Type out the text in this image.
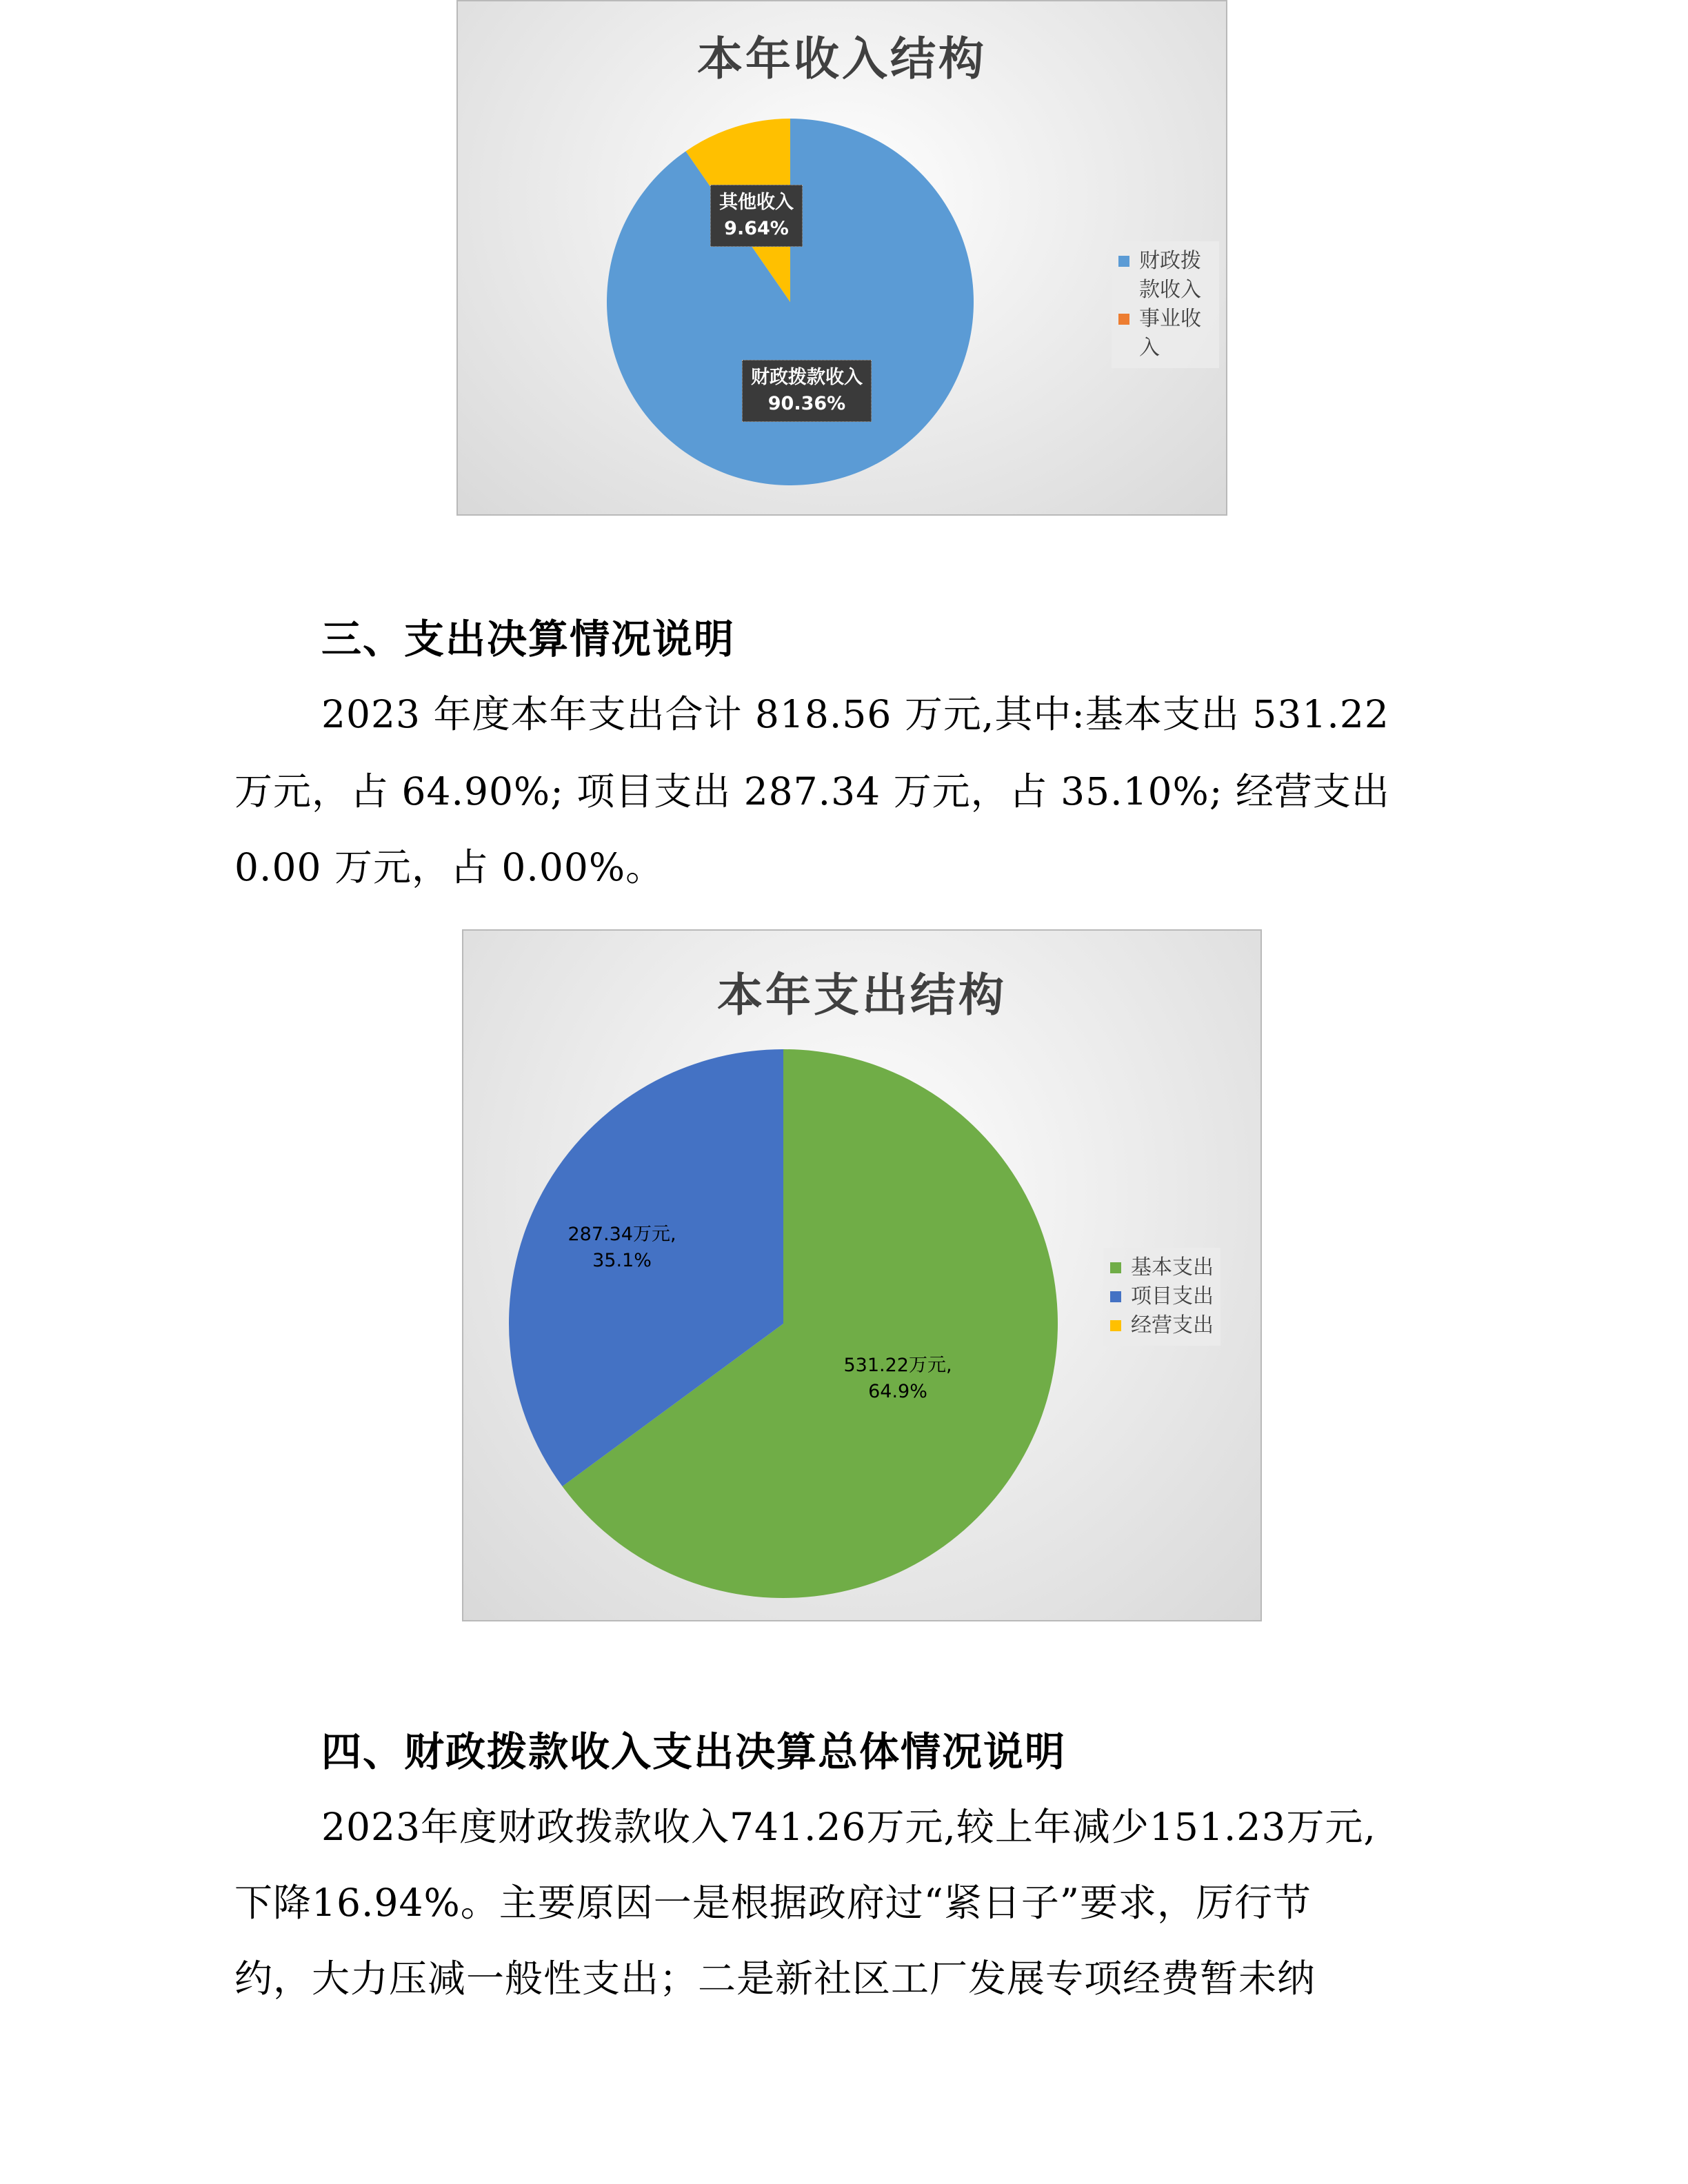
本年收入结构
其他收入
9.64%
财政拨款收入
90.36%
财政拨款收入
事业收入
三、支出决算情况说明
2023 年度本年支出合计 818.56 万元,其中:基本支出 531.22
万元，占 64.90%; 项目支出 287.34 万元，占 35.10%; 经营支出
0.00 万元，占 0.00%。
本年支出结构
287.34万元,
35.1%
531.22万元,
64.9%
基本支出
项目支出
经营支出
四、财政拨款收入支出决算总体情况说明
2023年度财政拨款收入741.26万元,较上年减少151.23万元,
下降16.94%。主要原因一是根据政府过“紧日子”要求，厉行节
约，大力压减一般性支出；二是新社区工厂发展专项经费暂未纳
